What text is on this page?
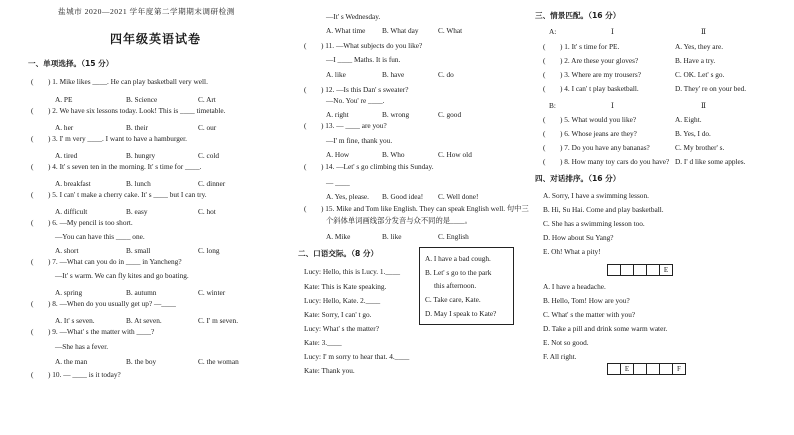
盐城市 2020—2021 学年度第二学期期末调研检测
四年级英语试卷
一、单项选择。（15 分）
(　　) 1. Mike likes ____. He can play basketball very well.
A. PE	B. Science	C. Art
(　　) 2. We have six lessons today. Look! This is ____ timetable.
A. her	B. their	C. our
(　　) 3. I' m very ____. I want to have a hamburger.
A. tired	B. hungry	C. cold
(　　) 4. It' s seven ten in the morning. It' s time for ____.
A. breakfast	B. lunch	C. dinner
(　　) 5. I can' t make a cherry cake. It' s ____ but I can try.
A. difficult	B. easy	C. hot
(　　) 6. —My pencil is too short.
—You can have this ____ one.
A. short	B. small	C. long
(　　) 7. —What can you do in ____ in Yancheng?
—It' s warm. We can fly kites and go boating.
A. spring	B. autumn	C. winter
(　　) 8. —When do you usually get up? —____
A. It' s seven.	B. At seven.	C. I' m seven.
(　　) 9. —What' s the matter with ____?
—She has a fever.
A. the man	B. the boy	C. the woman
(　　) 10. — ____ is it today?
—It' s Wednesday.
A. What time B. What day	C. What
(　　) 11. —What subjects do you like?
—I ____ Maths. It is fun.
A. like	B. have	C. do
(　　) 12. —Is this Dan' s sweater?
—No. You' re ____.
A. right	B. wrong	C. good
(　　) 13. — ____ are you?
—I' m fine, thank you.
A. How	B. Who	C. How old
(　　) 14. —Let' s go climbing this Sunday.
— ____
A. Yes, please. B. Good idea! C. Well done!
(　　) 15. Mike and Tom like English. They can speak English well. 句中三
个斜体单词画线部分发音与众不同的是____。
A. Mike	B. like	C. English
二、口语交际。（8 分）
Lucy: Hello, this is Lucy. 1.____
Kate: This is Kate speaking.
Lucy: Hello, Kate. 2.____
Kate: Sorry, I can' t go.
Lucy: What' s the matter?
Kate: 3.____
Lucy: I' m sorry to hear that. 4.____
Kate: Thank you.
A. I have a bad cough.
B. Let' s go to the park
this afternoon.
C. Take care, Kate.
D. May I speak to Kate?
三、情景匹配。（16 分）
A:	Ⅰ	Ⅱ
(　　) 1. It' s time for PE.	A. Yes, they are.
(　　) 2. Are these your gloves?	B. Have a try.
(　　) 3. Where are my trousers?	C. OK. Let' s go.
(　　) 4. I can' t play basketball.	D. They' re on your bed.
B:	Ⅰ	Ⅱ
(　　) 5. What would you like?	A. Eight.
(　　) 6. Whose jeans are they?	B. Yes, I do.
(　　) 7. Do you have any bananas?	C. My brother' s.
(　　) 8. How many toy cars do you have? D. I' d like some apples.
四、对话排序。（16 分）
A. Sorry, I have a swimming lesson.
B. Hi, Su Hai. Come and play basketball.
C. She has a swimming lesson too.
D. How about Su Yang?
E. Oh! What a pity!
E
A. I have a headache.
B. Hello, Tom! How are you?
C. What' s the matter with you?
D. Take a pill and drink some warm water.
E. Not so good.
F. All right.
E	F
